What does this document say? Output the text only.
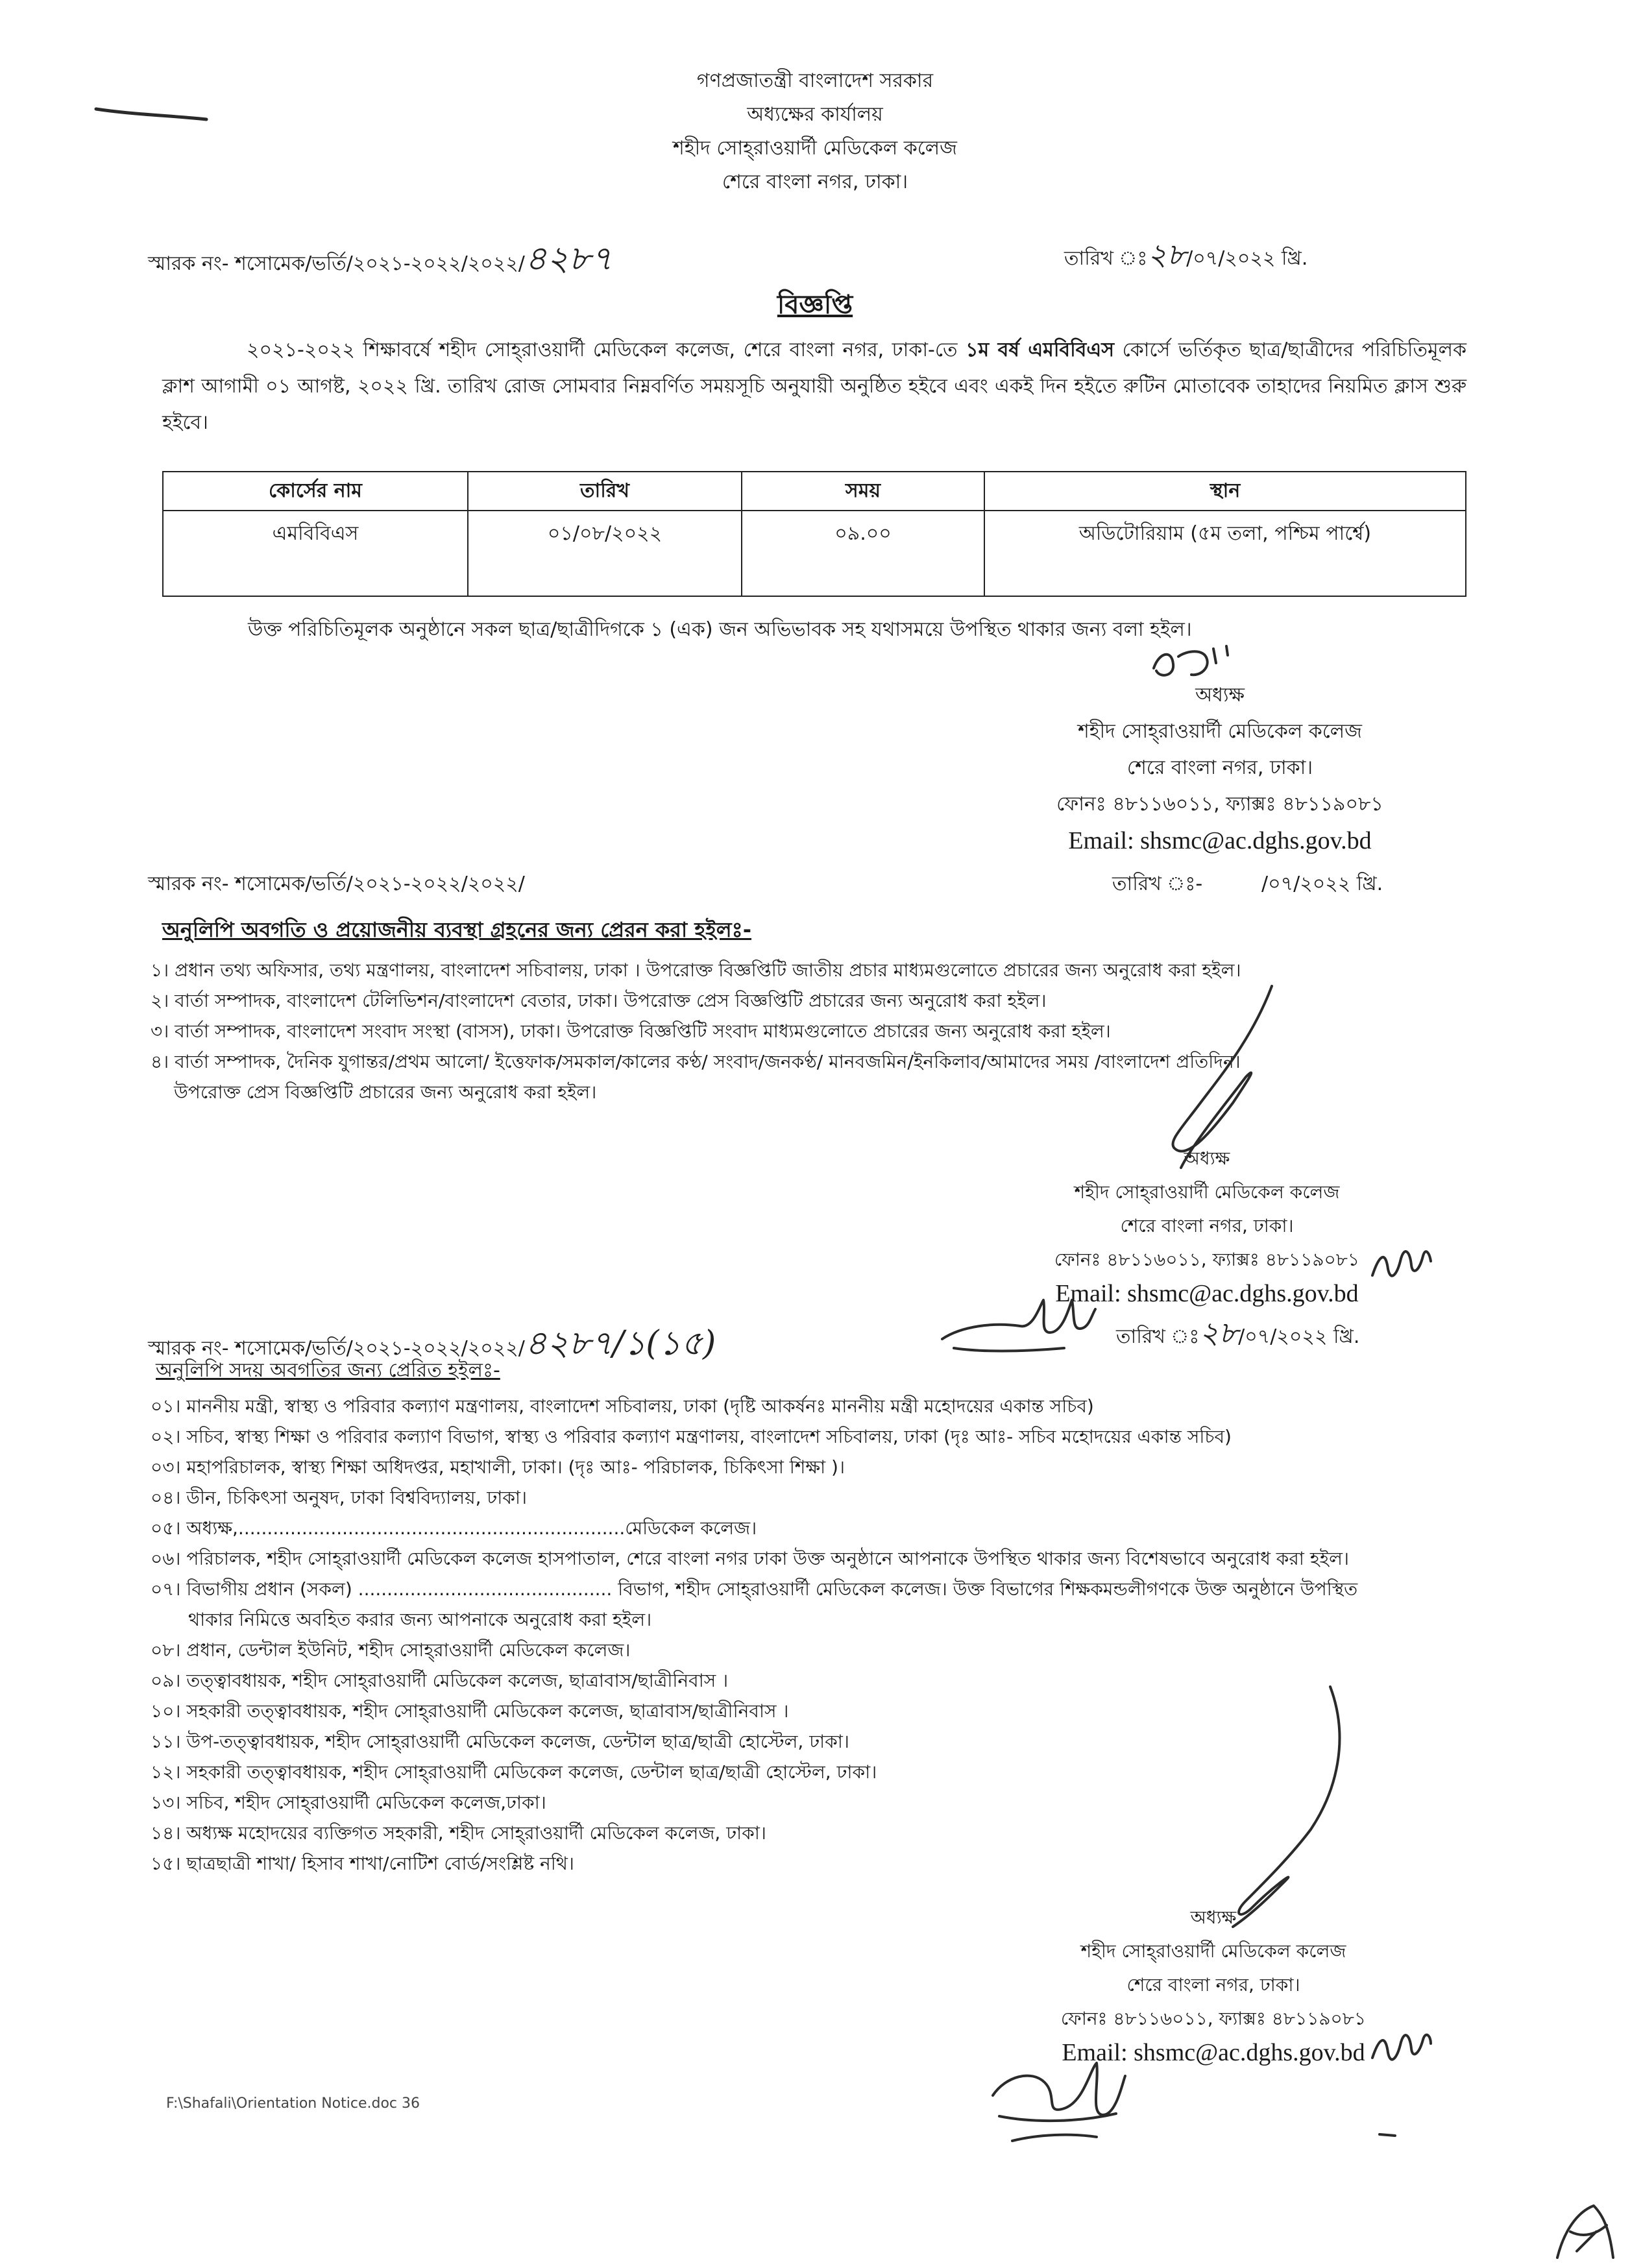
গণপ্রজাতন্ত্রী বাংলাদেশ সরকার
অধ্যক্ষের কার্যালয়
শহীদ সোহ্‌রাওয়ার্দী মেডিকেল কলেজ
শেরে বাংলা নগর, ঢাকা।
স্মারক নং- শসোমেক/ভর্তি/২০২১-২০২২/২০২২/৪২৮৭	তারিখ ঃ২৮/০৭/২০২২ খ্রি.
বিজ্ঞপ্তি
২০২১-২০২২ শিক্ষাবর্ষে শহীদ সোহ্‌রাওয়ার্দী মেডিকেল কলেজ, শেরে বাংলা নগর, ঢাকা-তে ১ম বর্ষ এমবিবিএস কোর্সে ভর্তিকৃত ছাত্র/ছাত্রীদের পরিচিতিমূলক ক্লাশ আগামী ০১ আগষ্ট, ২০২২ খ্রি. তারিখ রোজ সোমবার নিম্নবর্ণিত সময়সূচি অনুযায়ী অনুষ্ঠিত হইবে এবং একই দিন হইতে রুটিন মোতাবেক তাহাদের নিয়মিত ক্লাস শুরু হইবে।
কোর্সের নাম	তারিখ	সময়	স্থান
এমবিবিএস	০১/০৮/২০২২	০৯.০০	অডিটোরিয়াম (৫ম তলা, পশ্চিম পার্শ্বে)
উক্ত পরিচিতিমূলক অনুষ্ঠানে সকল ছাত্র/ছাত্রীদিগকে ১ (এক) জন অভিভাবক সহ যথাসময়ে উপস্থিত থাকার জন্য বলা হইল।
অধ্যক্ষ
শহীদ সোহ্‌রাওয়ার্দী মেডিকেল কলেজ
শেরে বাংলা নগর, ঢাকা।
ফোনঃ ৪৮১১৬০১১, ফ্যাক্সঃ ৪৮১১৯০৮১
Email: shsmc@ac.dghs.gov.bd
স্মারক নং- শসোমেক/ভর্তি/২০২১-২০২২/২০২২/	তারিখ ঃ-	/০৭/২০২২ খ্রি.
অনুলিপি অবগতি ও প্রয়োজনীয় ব্যবস্থা গ্রহনের জন্য প্রেরন করা হইলঃ-
১। প্রধান তথ্য অফিসার, তথ্য মন্ত্রণালয়, বাংলাদেশ সচিবালয়, ঢাকা । উপরোক্ত বিজ্ঞপ্তিটি জাতীয় প্রচার মাধ্যমগুলোতে প্রচারের জন্য অনুরোধ করা হইল।
২। বার্তা সম্পাদক, বাংলাদেশ টেলিভিশন/বাংলাদেশ বেতার, ঢাকা। উপরোক্ত প্রেস বিজ্ঞপ্তিটি প্রচারের জন্য অনুরোধ করা হইল।
৩। বার্তা সম্পাদক, বাংলাদেশ সংবাদ সংস্থা (বাসস), ঢাকা। উপরোক্ত বিজ্ঞপ্তিটি সংবাদ মাধ্যমগুলোতে প্রচারের জন্য অনুরোধ করা হইল।
৪। বার্তা সম্পাদক, দৈনিক যুগান্তর/প্রথম আলো/ ইত্তেফাক/সমকাল/কালের কণ্ঠ/ সংবাদ/জনকণ্ঠ/ মানবজমিন/ইনকিলাব/আমাদের সময় /বাংলাদেশ প্রতিদিন।
উপরোক্ত প্রেস বিজ্ঞপ্তিটি প্রচারের জন্য অনুরোধ করা হইল।
অধ্যক্ষ
শহীদ সোহ্‌রাওয়ার্দী মেডিকেল কলেজ
শেরে বাংলা নগর, ঢাকা।
ফোনঃ ৪৮১১৬০১১, ফ্যাক্সঃ ৪৮১১৯০৮১
Email: shsmc@ac.dghs.gov.bd
স্মারক নং- শসোমেক/ভর্তি/২০২১-২০২২/২০২২/৪২৮৭/১(১৫)	তারিখ ঃ২৮/০৭/২০২২ খ্রি.
অনুলিপি সদয় অবগতির জন্য প্রেরিত হইলঃ-
০১। মাননীয় মন্ত্রী, স্বাস্থ্য ও পরিবার কল্যাণ মন্ত্রণালয়, বাংলাদেশ সচিবালয়, ঢাকা (দৃষ্টি আকর্ষনঃ মাননীয় মন্ত্রী মহোদয়ের একান্ত সচিব)
০২। সচিব, স্বাস্থ্য শিক্ষা ও পরিবার কল্যাণ বিভাগ, স্বাস্থ্য ও পরিবার কল্যাণ মন্ত্রণালয়, বাংলাদেশ সচিবালয়, ঢাকা (দৃঃ আঃ- সচিব মহোদয়ের একান্ত সচিব)
০৩। মহাপরিচালক, স্বাস্থ্য শিক্ষা অধিদপ্তর, মহাখালী, ঢাকা। (দৃঃ আঃ- পরিচালক, চিকিৎসা শিক্ষা )।
০৪। ডীন, চিকিৎসা অনুষদ, ঢাকা বিশ্ববিদ্যালয়, ঢাকা।
০৫। অধ্যক্ষ,...................................................................মেডিকেল কলেজ।
০৬। পরিচালক, শহীদ সোহ্‌রাওয়ার্দী মেডিকেল কলেজ হাসপাতাল, শেরে বাংলা নগর ঢাকা উক্ত অনুষ্ঠানে আপনাকে উপস্থিত থাকার জন্য বিশেষভাবে অনুরোধ করা হইল।
০৭। বিভাগীয় প্রধান (সকল) ............................................ বিভাগ, শহীদ সোহ্‌রাওয়ার্দী মেডিকেল কলেজ। উক্ত বিভাগের শিক্ষকমন্ডলীগণকে উক্ত অনুষ্ঠানে উপস্থিত
থাকার নিমিত্তে অবহিত করার জন্য আপনাকে অনুরোধ করা হইল।
০৮। প্রধান, ডেন্টাল ইউনিট, শহীদ সোহ্‌রাওয়ার্দী মেডিকেল কলেজ।
০৯। তত্ত্বাবধায়ক, শহীদ সোহ্‌রাওয়ার্দী মেডিকেল কলেজ, ছাত্রাবাস/ছাত্রীনিবাস ।
১০। সহকারী তত্ত্বাবধায়ক, শহীদ সোহ্‌রাওয়ার্দী মেডিকেল কলেজ, ছাত্রাবাস/ছাত্রীনিবাস ।
১১। উপ-তত্ত্বাবধায়ক, শহীদ সোহ্‌রাওয়ার্দী মেডিকেল কলেজ, ডেন্টাল ছাত্র/ছাত্রী হোস্টেল, ঢাকা।
১২। সহকারী তত্ত্বাবধায়ক, শহীদ সোহ্‌রাওয়ার্দী মেডিকেল কলেজ, ডেন্টাল ছাত্র/ছাত্রী হোস্টেল, ঢাকা।
১৩। সচিব, শহীদ সোহ্‌রাওয়ার্দী মেডিকেল কলেজ,ঢাকা।
১৪। অধ্যক্ষ মহোদয়ের ব্যক্তিগত সহকারী, শহীদ সোহ্‌রাওয়ার্দী মেডিকেল কলেজ, ঢাকা।
১৫। ছাত্রছাত্রী শাখা/ হিসাব শাখা/নোটিশ বোর্ড/সংশ্লিষ্ট নথি।
অধ্যক্ষ
শহীদ সোহ্‌রাওয়ার্দী মেডিকেল কলেজ
শেরে বাংলা নগর, ঢাকা।
ফোনঃ ৪৮১১৬০১১, ফ্যাক্সঃ ৪৮১১৯০৮১
Email: shsmc@ac.dghs.gov.bd
F:\Shafali\Orientation Notice.doc 36
